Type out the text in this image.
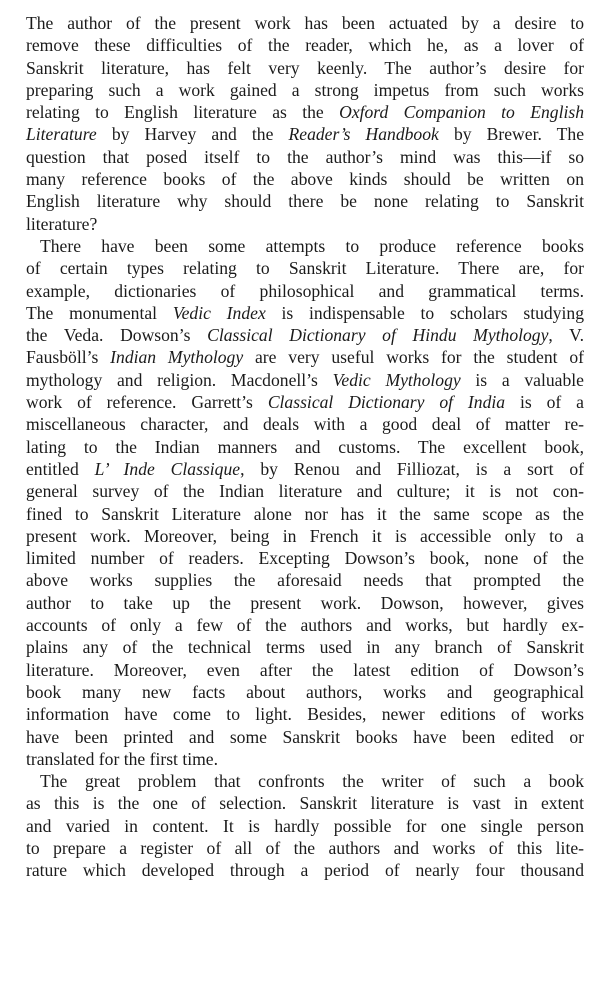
The author of the present work has been actuated by a desire to
remove these difficulties of the reader, which he, as a lover of
Sanskrit literature, has felt very keenly. The author’s desire for
preparing such a work gained a strong impetus from such works
relating to English literature as the Oxford Companion to English
Literature by Harvey and the Reader’s Handbook by Brewer. The
question that posed itself to the author’s mind was this—if so
many reference books of the above kinds should be written on
English literature why should there be none relating to Sanskrit
literature?
There have been some attempts to produce reference books
of certain types relating to Sanskrit Literature. There are, for
example, dictionaries of philosophical and grammatical terms.
The monumental Vedic Index is indispensable to scholars studying
the Veda. Dowson’s Classical Dictionary of Hindu Mythology, V.
Fausböll’s Indian Mythology are very useful works for the student of
mythology and religion. Macdonell’s Vedic Mythology is a valuable
work of reference. Garrett’s Classical Dictionary of India is of a
miscellaneous character, and deals with a good deal of matter re-
lating to the Indian manners and customs. The excellent book,
entitled L’ Inde Classique, by Renou and Filliozat, is a sort of
general survey of the Indian literature and culture; it is not con-
fined to Sanskrit Literature alone nor has it the same scope as the
present work. Moreover, being in French it is accessible only to a
limited number of readers. Excepting Dowson’s book, none of the
above works supplies the aforesaid needs that prompted the
author to take up the present work. Dowson, however, gives
accounts of only a few of the authors and works, but hardly ex-
plains any of the technical terms used in any branch of Sanskrit
literature. Moreover, even after the latest edition of Dowson’s
book many new facts about authors, works and geographical
information have come to light. Besides, newer editions of works
have been printed and some Sanskrit books have been edited or
translated for the first time.
The great problem that confronts the writer of such a book
as this is the one of selection. Sanskrit literature is vast in extent
and varied in content. It is hardly possible for one single person
to prepare a register of all of the authors and works of this lite-
rature which developed through a period of nearly four thousand
